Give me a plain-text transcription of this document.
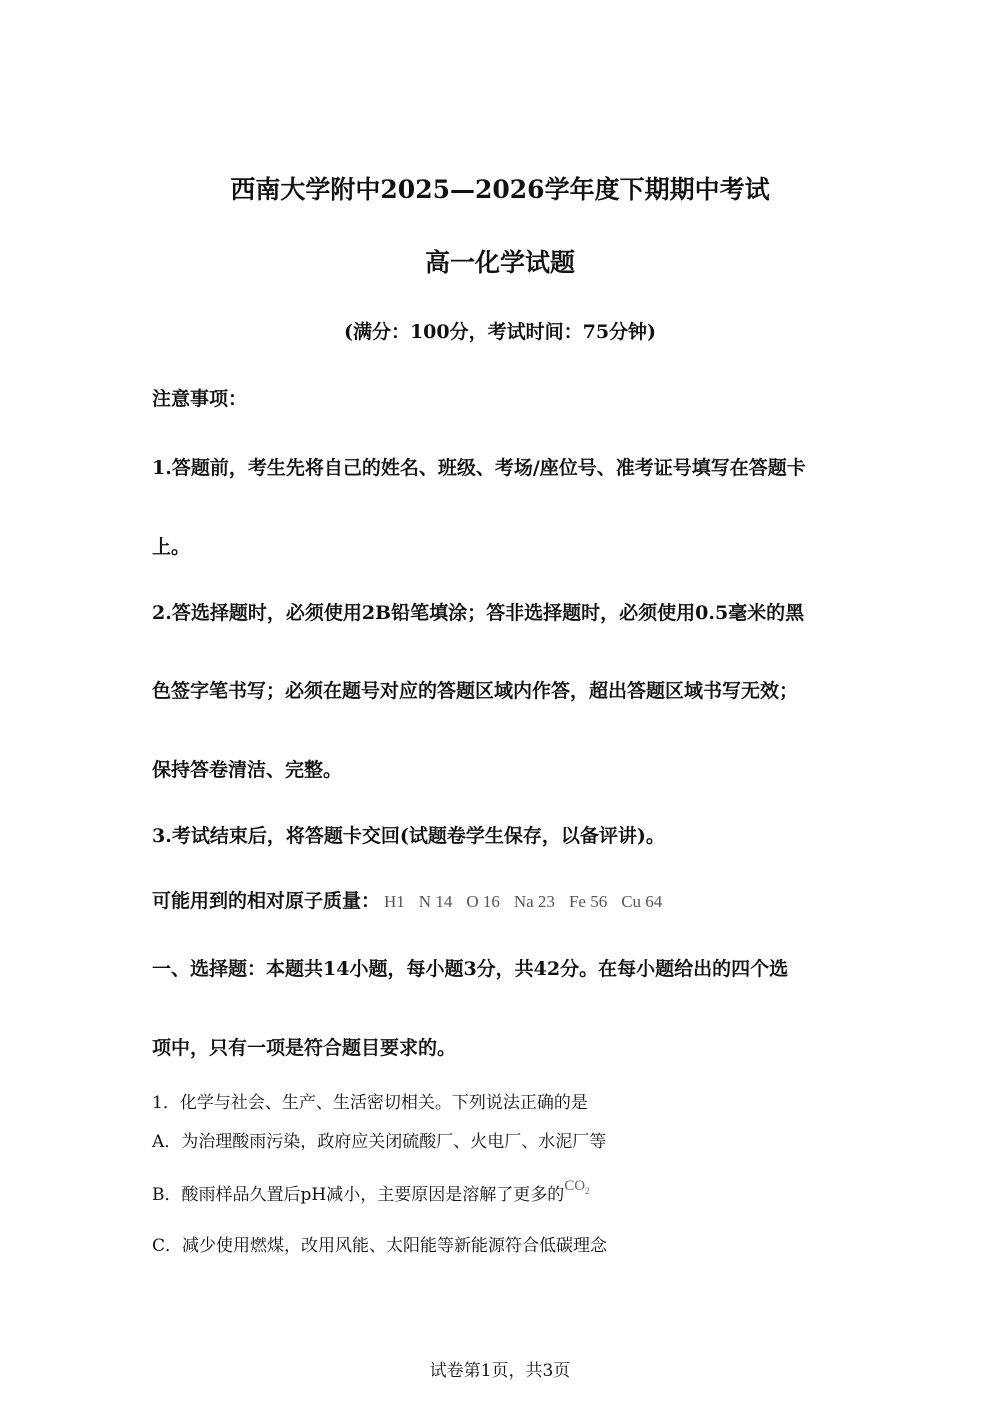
西南大学附中2025—2026学年度下期期中考试
高一化学试题
(满分：100分，考试时间：75分钟)
注意事项：
1.答题前，考生先将自己的姓名、班级、考场/座位号、准考证号填写在答题卡
上。
2.答选择题时，必须使用2B铅笔填涂；答非选择题时，必须使用0.5毫米的黑
色签字笔书写；必须在题号对应的答题区域内作答，超出答题区域书写无效；
保持答卷清洁、完整。
3.考试结束后，将答题卡交回(试题卷学生保存，以备评讲)。
可能用到的相对原子质量： H1 N 14 O 16 Na 23 Fe 56 Cu 64
一、选择题：本题共14小题，每小题3分，共42分。在每小题给出的四个选
项中，只有一项是符合题目要求的。
1．化学与社会、生产、生活密切相关。下列说法正确的是
A．为治理酸雨污染，政府应关闭硫酸厂、火电厂、水泥厂等
B．酸雨样品久置后pH减小，主要原因是溶解了更多的$CO_2$
C．减少使用燃煤，改用风能、太阳能等新能源符合低碳理念
试卷第1页，共3页
